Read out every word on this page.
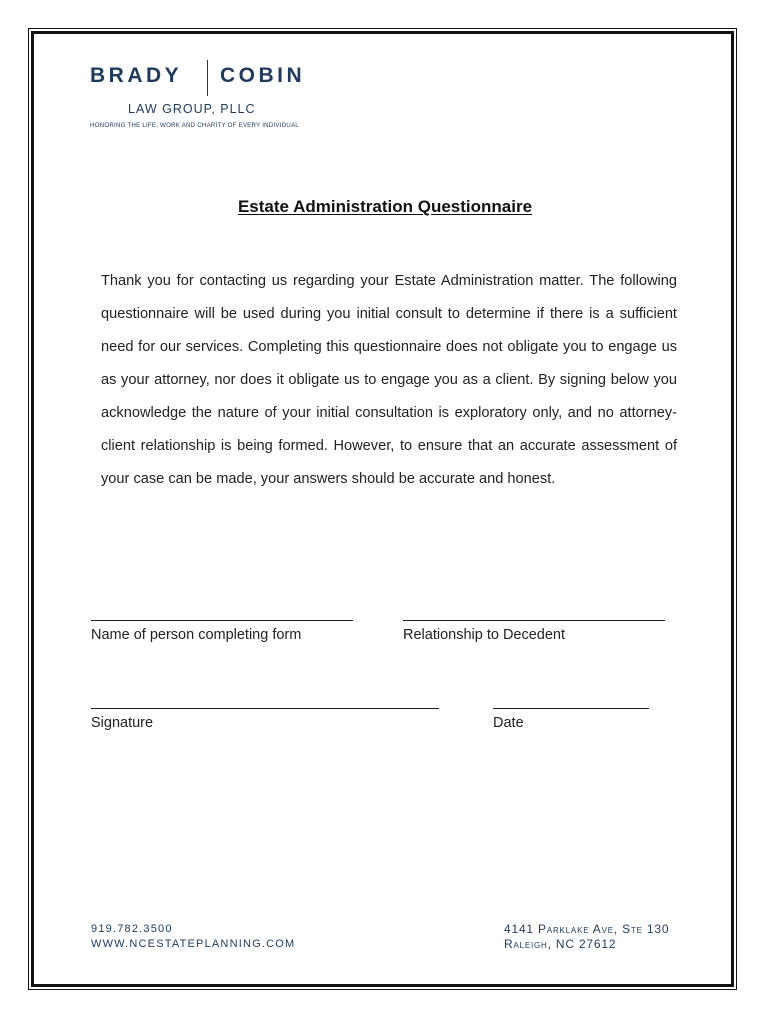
BRADY COBIN
LAW GROUP, PLLC
HONORING THE LIFE, WORK AND CHARITY OF EVERY INDIVIDUAL
Estate Administration Questionnaire

Thank you for contacting us regarding your Estate Administration matter. The following questionnaire will be used during you initial consult to determine if there is a sufficient need for our services. Completing this questionnaire does not obligate you to engage us as your attorney, nor does it obligate us to engage you as a client. By signing below you acknowledge the nature of your initial consultation is exploratory only, and no attorney-client relationship is being formed. However, to ensure that an accurate assessment of your case can be made, your answers should be accurate and honest.

Name of person completing form	Relationship to Decedent
Signature	Date
919.782.3500
WWW.NCESTATEPLANNING.COM
4141 Parklake Ave, Ste 130
Raleigh, NC 27612
